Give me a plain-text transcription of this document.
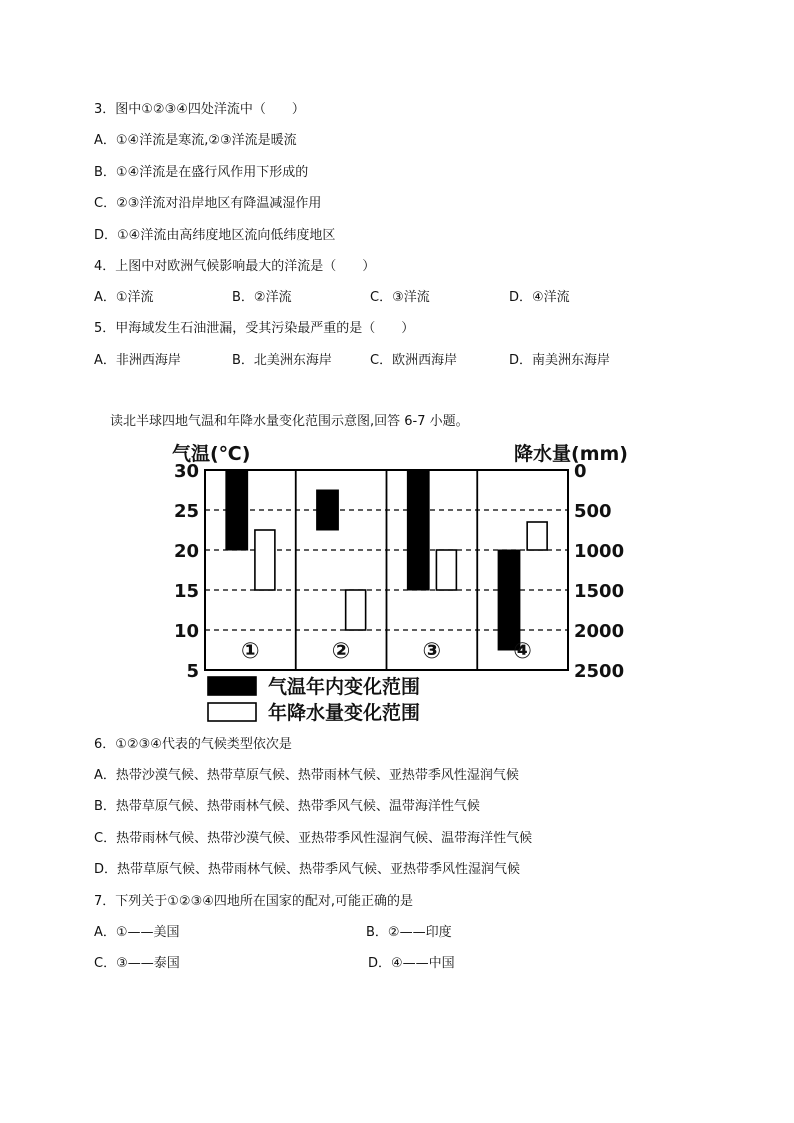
3．图中①②③④四处洋流中（　　）
A．①④洋流是寒流,②③洋流是暖流
B．①④洋流是在盛行风作用下形成的
C．②③洋流对沿岸地区有降温减湿作用
D．①④洋流由高纬度地区流向低纬度地区
4．上图中对欧洲气候影响最大的洋流是（　　）
A．①洋流	B．②洋流	C．③洋流	D．④洋流
5．甲海域发生石油泄漏，受其污染最严重的是（　　）
A．非洲西海岸	B．北美洲东海岸	C．欧洲西海岸	D．南美洲东海岸
读北半球四地气温和年降水量变化范围示意图,回答 6-7 小题。
气温(℃)	降水量(mm)
30
25
20
15
10
5
0
500
1000
1500
2000
2500
①	②	③	④
气温年内变化范围
年降水量变化范围
6．①②③④代表的气候类型依次是
A．热带沙漠气候、热带草原气候、热带雨林气候、亚热带季风性湿润气候
B．热带草原气候、热带雨林气候、热带季风气候、温带海洋性气候
C．热带雨林气候、热带沙漠气候、亚热带季风性湿润气候、温带海洋性气候
D．热带草原气候、热带雨林气候、热带季风气候、亚热带季风性湿润气候
7．下列关于①②③④四地所在国家的配对,可能正确的是
A．①——美国	B．②——印度
C．③——泰国	D．④——中国
